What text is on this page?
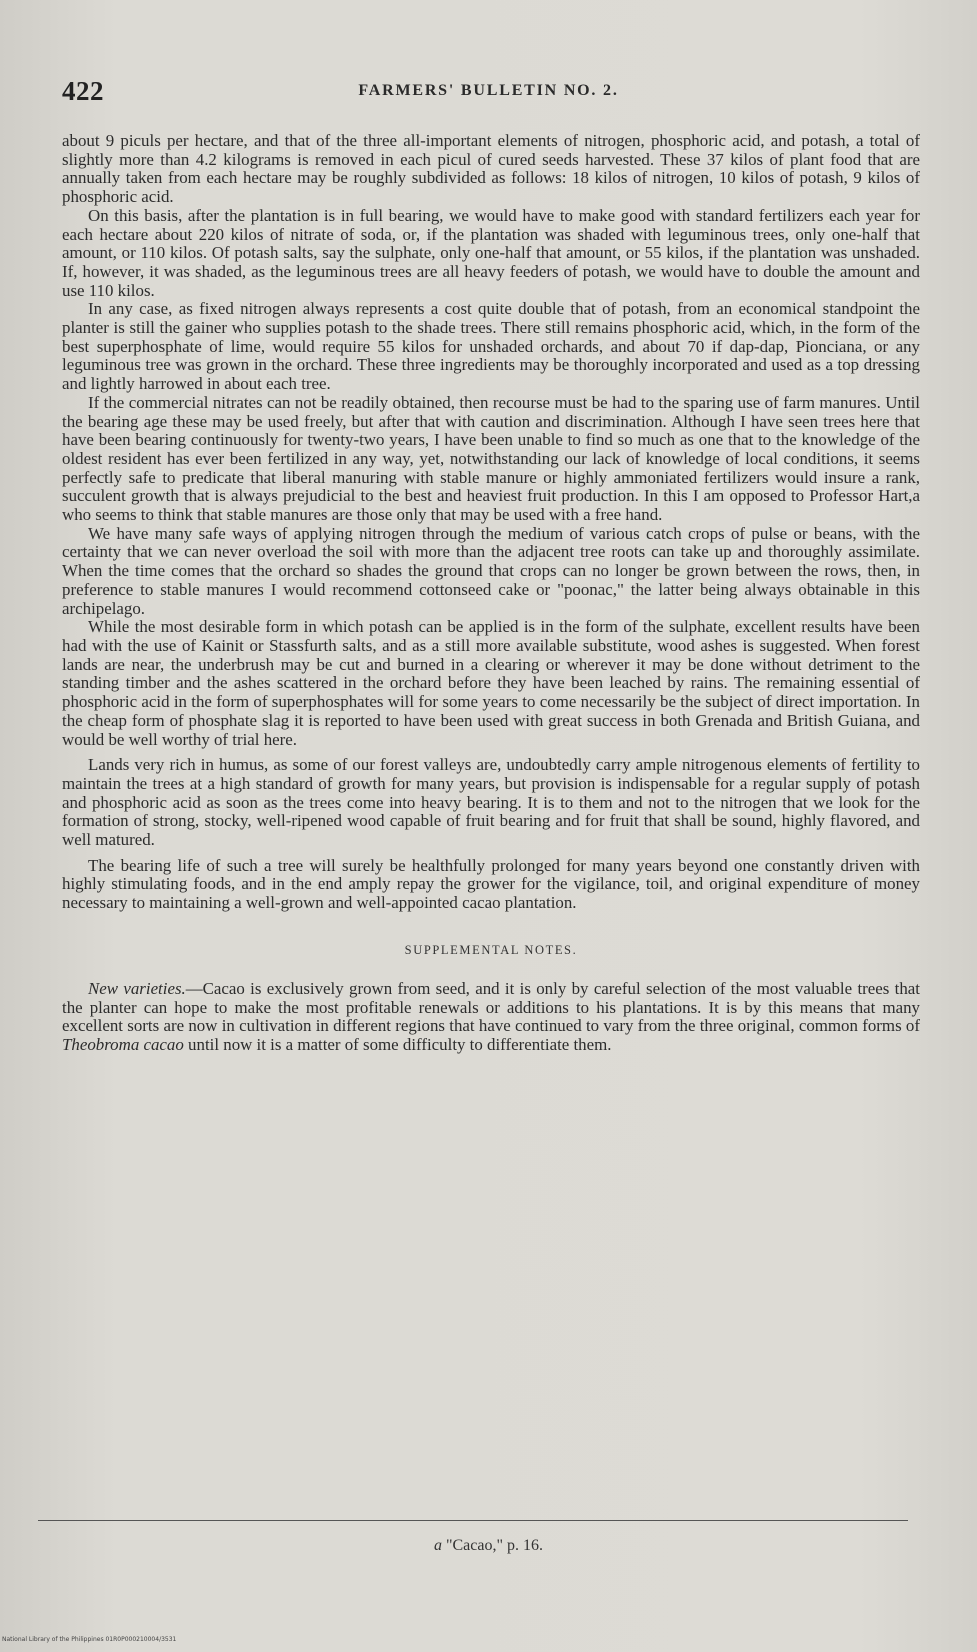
422	FARMERS' BULLETIN NO. 2.

about 9 piculs per hectare, and that of the three all-important elements of nitrogen, phosphoric acid, and potash, a total of slightly more than 4.2 kilograms is removed in each picul of cured seeds harvested. These 37 kilos of plant food that are annually taken from each hectare may be roughly subdivided as follows: 18 kilos of nitrogen, 10 kilos of potash, 9 kilos of phosphoric acid.

On this basis, after the plantation is in full bearing, we would have to make good with standard fertilizers each year for each hectare about 220 kilos of nitrate of soda, or, if the plantation was shaded with leguminous trees, only one-half that amount, or 110 kilos. Of potash salts, say the sulphate, only one-half that amount, or 55 kilos, if the plantation was unshaded. If, however, it was shaded, as the leguminous trees are all heavy feeders of potash, we would have to double the amount and use 110 kilos.

In any case, as fixed nitrogen always represents a cost quite double that of potash, from an economical standpoint the planter is still the gainer who supplies potash to the shade trees. There still remains phosphoric acid, which, in the form of the best superphosphate of lime, would require 55 kilos for unshaded orchards, and about 70 if dap-dap, Pionciana, or any leguminous tree was grown in the orchard. These three ingredients may be thoroughly incorporated and used as a top dressing and lightly harrowed in about each tree.

If the commercial nitrates can not be readily obtained, then recourse must be had to the sparing use of farm manures. Until the bearing age these may be used freely, but after that with caution and discrimination. Although I have seen trees here that have been bearing continuously for twenty-two years, I have been unable to find so much as one that to the knowledge of the oldest resident has ever been fertilized in any way, yet, notwithstanding our lack of knowledge of local conditions, it seems perfectly safe to predicate that liberal manuring with stable manure or highly ammoniated fertilizers would insure a rank, succulent growth that is always prejudicial to the best and heaviest fruit production. In this I am opposed to Professor Hart,a who seems to think that stable manures are those only that may be used with a free hand.

We have many safe ways of applying nitrogen through the medium of various catch crops of pulse or beans, with the certainty that we can never overload the soil with more than the adjacent tree roots can take up and thoroughly assimilate. When the time comes that the orchard so shades the ground that crops can no longer be grown between the rows, then, in preference to stable manures I would recommend cottonseed cake or "poonac," the latter being always obtainable in this archipelago.

While the most desirable form in which potash can be applied is in the form of the sulphate, excellent results have been had with the use of Kainit or Stassfurth salts, and as a still more available substitute, wood ashes is suggested. When forest lands are near, the underbrush may be cut and burned in a clearing or wherever it may be done without detriment to the standing timber and the ashes scattered in the orchard before they have been leached by rains. The remaining essential of phosphoric acid in the form of superphosphates will for some years to come necessarily be the subject of direct importation. In the cheap form of phosphate slag it is reported to have been used with great success in both Grenada and British Guiana, and would be well worthy of trial here.

Lands very rich in humus, as some of our forest valleys are, undoubtedly carry ample nitrogenous elements of fertility to maintain the trees at a high standard of growth for many years, but provision is indispensable for a regular supply of potash and phosphoric acid as soon as the trees come into heavy bearing. It is to them and not to the nitrogen that we look for the formation of strong, stocky, well-ripened wood capable of fruit bearing and for fruit that shall be sound, highly flavored, and well matured.

The bearing life of such a tree will surely be healthfully prolonged for many years beyond one constantly driven with highly stimulating foods, and in the end amply repay the grower for the vigilance, toil, and original expenditure of money necessary to maintaining a well-grown and well-appointed cacao plantation.

SUPPLEMENTAL NOTES.

New varieties.—Cacao is exclusively grown from seed, and it is only by careful selection of the most valuable trees that the planter can hope to make the most profitable renewals or additions to his plantations. It is by this means that many excellent sorts are now in cultivation in different regions that have continued to vary from the three original, common forms of Theobroma cacao until now it is a matter of some difficulty to differentiate them.

a "Cacao," p. 16.
National Library of the Philippines 01R0P000210004/3531
